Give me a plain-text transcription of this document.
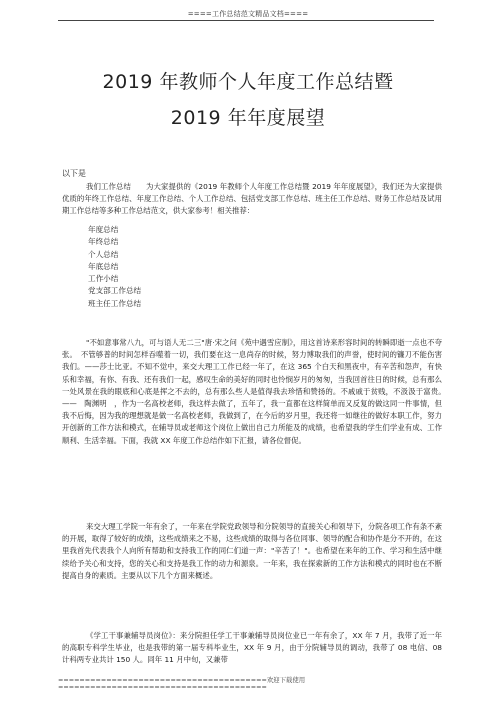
====工作总结范文精品文档====
2019 年教师个人年度工作总结暨
2019 年年度展望
以下是
我们工作总结　　为大家提供的《2019 年教师个人年度工作总结暨 2019 年年度展望》，我们还为大家提供优质的年终工作总结、年度工作总结、个人工作总结、包括党支部工作总结、班主任工作总结、财务工作总结及试用期工作总结等多种工作总结范文，供大家参考！相关推荐：
年度总结
年终总结
个人总结
年底总结
工作小结
党支部工作总结
班主任工作总结
"不如意事常八九，可与语人无二三"唐·宋之问《苑中遇雪应制》，用这首诗来形容时间的转瞬即逝一点也不夸张。　不管够普的时间怎样吞噬着一切，我们要在这一息尚存的时候，努力博取我们的声誉，使时间的镰刀不能伤害我们。——莎士比亚。不知不觉中，来交大理工工作已经一年了，在这 365 个白天和黑夜中，有辛苦和怨声，有快乐和幸福，有你、有我、还有我们一起，感叹生命的美好的同时也怜悯岁月的匆匆，当我回首往日的时候，总有那么一处风景在我的眼底和心底是挥之不去的，总有那么些人是值得我去珍惜和赞扬的。不戚戚于贫贱，不汲汲于富贵。　——　陶渊明　，作为一名高校老师，我这样去做了，五年了，我一直都在这样简单而又反复的做这同一件事情，但我不后悔，因为我的理想就是做一名高校老师，我做到了，在今后的岁月里，我还将一如继往的做好本职工作，努力开创新的工作方法和模式，在辅导员或老师这个岗位上做出自己力所能及的成绩，也希望我的学生们学业有成、工作顺利、生活幸福。下面，我就 XX 年度工作总结作如下汇报，请各位督促。
来交大理工学院一年有余了，一年来在学院党政领导和分院领导的直接关心和领导下，分院各项工作有条不紊的开展，取得了较好的成绩，这些成绩来之不易，这些成绩的取得与各位同事、领导的配合和协作是分不开的，在这里我首先代表我个人向所有帮助和支持我工作的同仁们道一声："辛苦了！"。也希望在来年的工作、学习和生活中继续给予关心和支持，您的关心和支持是我工作的动力和源泉。一年来，我在探索新的工作方法和模式的同时也在不断提高自身的素质。主要从以下几个方面来概述。
《学工干事兼辅导员岗位》：来分院担任学工干事兼辅导员岗位业已一年有余了，XX 年 7 月，我带了近一年的高职专科学生毕业，也是我带的第一届专科毕业生，XX 年 9 月，由于分院辅导员的调动，我带了 08 电信、08 计科两专业共计 150 人。同年 11 月中旬，又兼带
=======================================欢迎下载使用
=======================================
